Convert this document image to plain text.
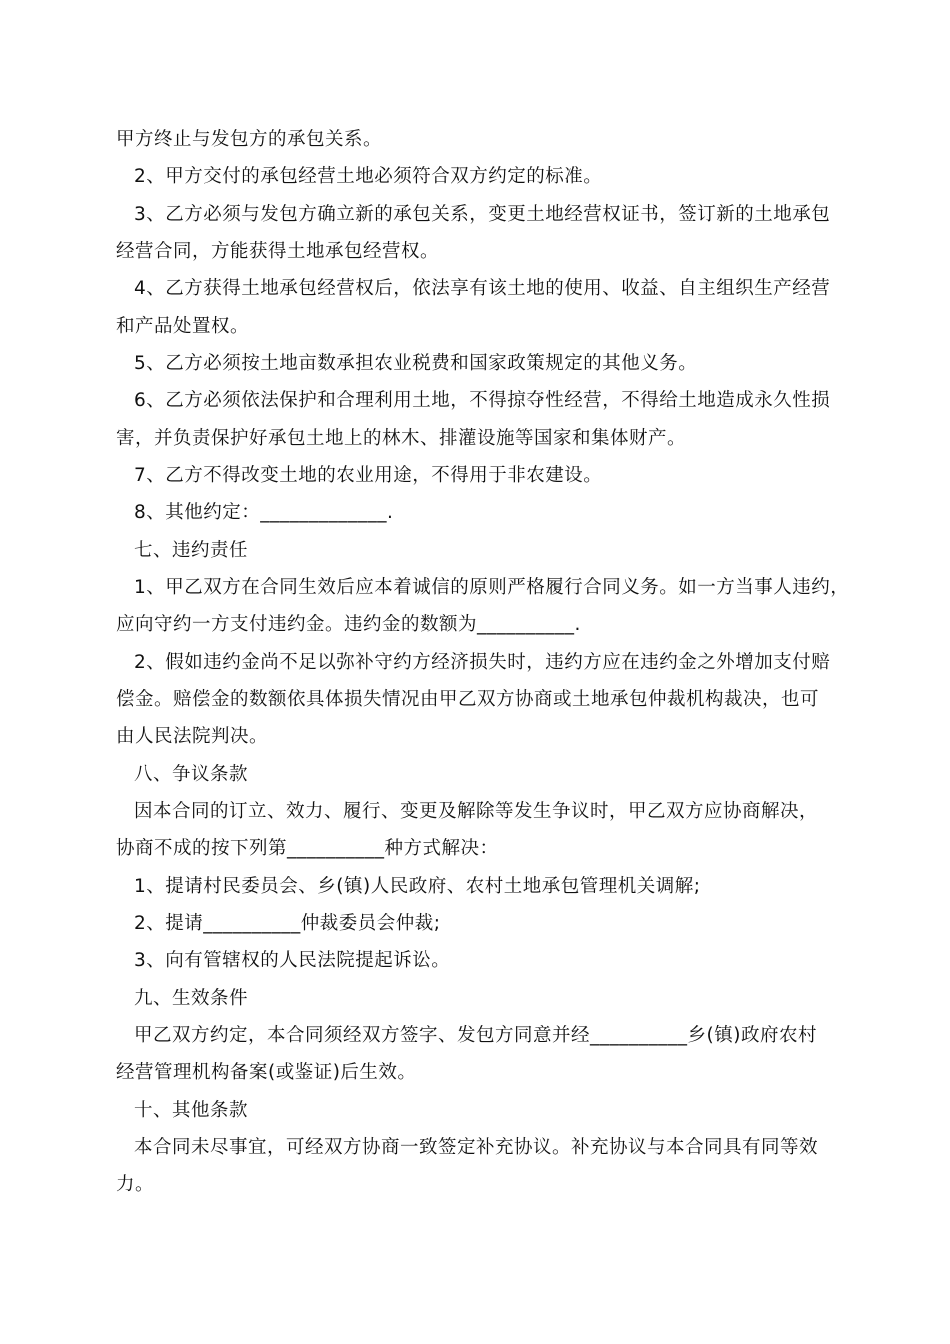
甲方终止与发包方的承包关系。
2、甲方交付的承包经营土地必须符合双方约定的标准。
3、乙方必须与发包方确立新的承包关系，变更土地经营权证书，签订新的土地承包
经营合同，方能获得土地承包经营权。
4、乙方获得土地承包经营权后，依法享有该土地的使用、收益、自主组织生产经营
和产品处置权。
5、乙方必须按土地亩数承担农业税费和国家政策规定的其他义务。
6、乙方必须依法保护和合理利用土地，不得掠夺性经营，不得给土地造成永久性损
害，并负责保护好承包土地上的林木、排灌设施等国家和集体财产。
7、乙方不得改变土地的农业用途，不得用于非农建设。
8、其他约定：_____________.
七、违约责任
1、甲乙双方在合同生效后应本着诚信的原则严格履行合同义务。如一方当事人违约，
应向守约一方支付违约金。违约金的数额为__________.
2、假如违约金尚不足以弥补守约方经济损失时，违约方应在违约金之外增加支付赔
偿金。赔偿金的数额依具体损失情况由甲乙双方协商或土地承包仲裁机构裁决，也可
由人民法院判决。
八、争议条款
因本合同的订立、效力、履行、变更及解除等发生争议时，甲乙双方应协商解决，
协商不成的按下列第__________种方式解决：
1、提请村民委员会、乡(镇)人民政府、农村土地承包管理机关调解;
2、提请__________仲裁委员会仲裁;
3、向有管辖权的人民法院提起诉讼。
九、生效条件
甲乙双方约定，本合同须经双方签字、发包方同意并经__________乡(镇)政府农村
经营管理机构备案(或鉴证)后生效。
十、其他条款
本合同未尽事宜，可经双方协商一致签定补充协议。补充协议与本合同具有同等效
力。
